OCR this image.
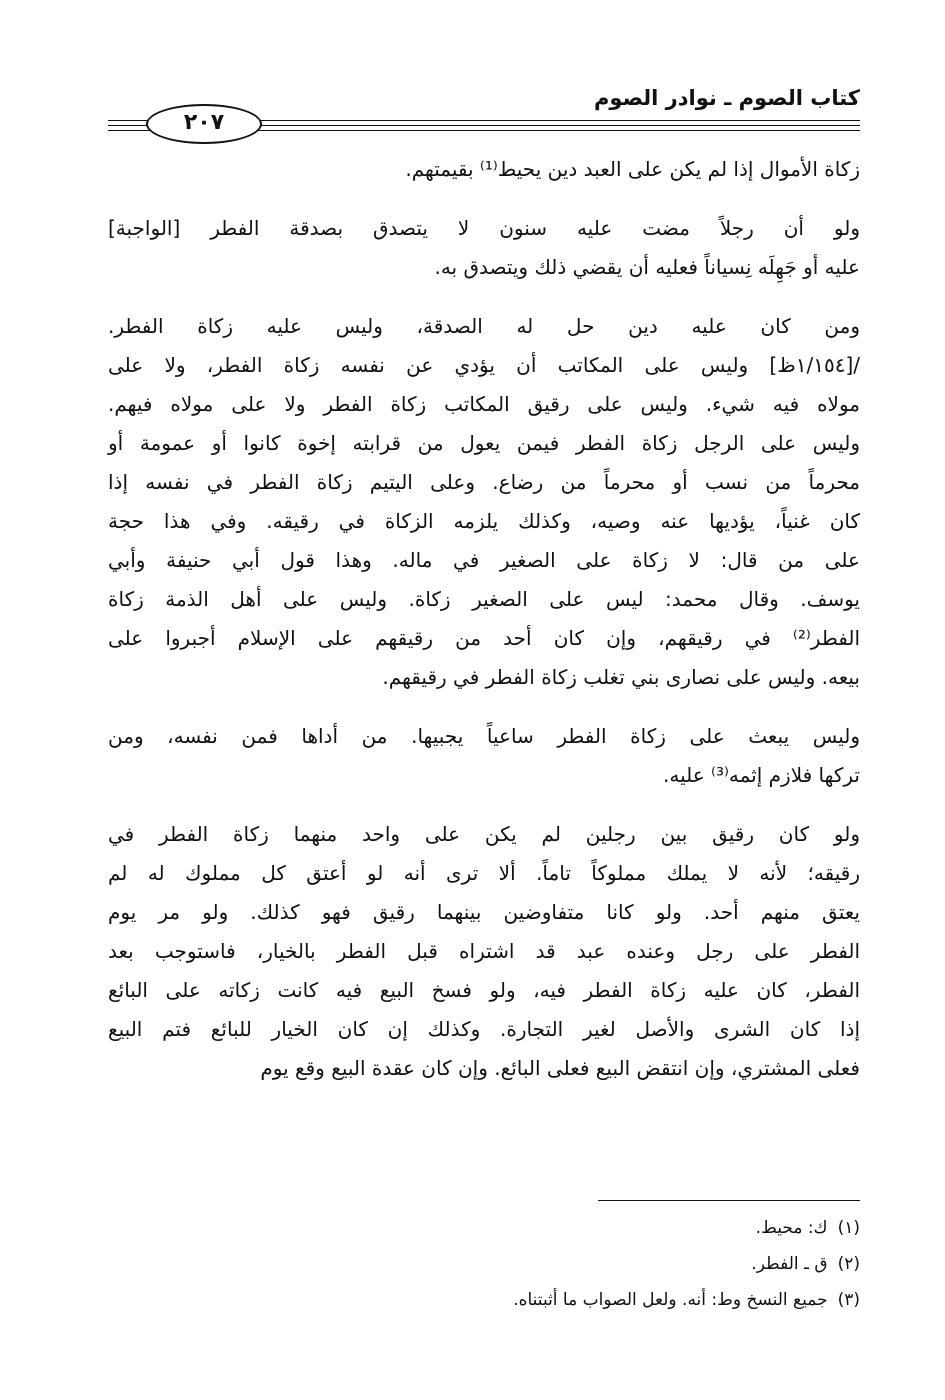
كتاب الصوم ـ نوادر الصوم
٢٠٧
زكاة الأموال إذا لم يكن على العبد دين يحيط⁽¹⁾ بقيمتهم.
ولو أن رجلاً مضت عليه سنون لا يتصدق بصدقة الفطر [الواجبة]
عليه أو جَهِلَه نِسياناً فعليه أن يقضي ذلك ويتصدق به.
ومن كان عليه دين حل له الصدقة، وليس عليه زكاة الفطر.
/[١/١٥٤ظ] وليس على المكاتب أن يؤدي عن نفسه زكاة الفطر، ولا على
مولاه فيه شيء. وليس على رقيق المكاتب زكاة الفطر ولا على مولاه فيهم.
وليس على الرجل زكاة الفطر فيمن يعول من قرابته إخوة كانوا أو عمومة أو
محرماً من نسب أو محرماً من رضاع. وعلى اليتيم زكاة الفطر في نفسه إذا
كان غنياً، يؤديها عنه وصيه، وكذلك يلزمه الزكاة في رقيقه. وفي هذا حجة
على من قال: لا زكاة على الصغير في ماله. وهذا قول أبي حنيفة وأبي
يوسف. وقال محمد: ليس على الصغير زكاة. وليس على أهل الذمة زكاة
الفطر⁽²⁾ في رقيقهم، وإن كان أحد من رقيقهم على الإسلام أجبروا على
بيعه. وليس على نصارى بني تغلب زكاة الفطر في رقيقهم.
وليس يبعث على زكاة الفطر ساعياً يجبيها. من أداها فمن نفسه، ومن
تركها فلازم إثمه⁽³⁾ عليه.
ولو كان رقيق بين رجلين لم يكن على واحد منهما زكاة الفطر في
رقيقه؛ لأنه لا يملك مملوكاً تاماً. ألا ترى أنه لو أعتق كل مملوك له لم
يعتق منهم أحد. ولو كانا متفاوضين بينهما رقيق فهو كذلك. ولو مر يوم
الفطر على رجل وعنده عبد قد اشتراه قبل الفطر بالخيار، فاستوجب بعد
الفطر، كان عليه زكاة الفطر فيه، ولو فسخ البيع فيه كانت زكاته على البائع
إذا كان الشرى والأصل لغير التجارة. وكذلك إن كان الخيار للبائع فتم البيع
فعلى المشتري، وإن انتقض البيع فعلى البائع. وإن كان عقدة البيع وقع يوم
(١)ك: محيط.
(٢)ق ـ الفطر.
(٣)جميع النسخ وط: أنه. ولعل الصواب ما أثبتناه.
